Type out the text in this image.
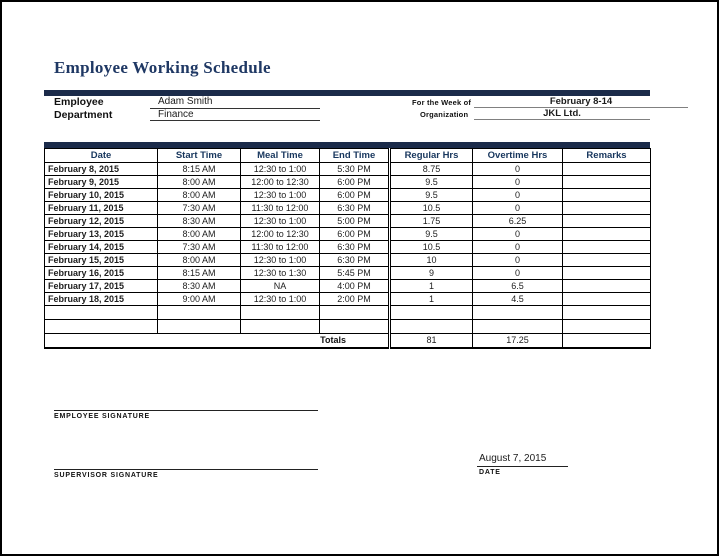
Employee Working Schedule
Employee	Adam Smith
Department	Finance
For the Week of	February 8-14
Organization	JKL Ltd.
Date	Start Time	Meal Time	End Time	Regular Hrs	Overtime Hrs	Remarks
February 8, 2015	8:15 AM	12:30 to 1:00	5:30 PM	8.75	0	
February 9, 2015	8:00 AM	12:00 to 12:30	6:00 PM	9.5	0	
February 10, 2015	8:00 AM	12:30 to 1:00	6:00 PM	9.5	0	
February 11, 2015	7:30 AM	11:30 to 12:00	6:30 PM	10.5	0	
February 12, 2015	8:30 AM	12:30 to 1:00	5:00 PM	1.75	6.25	
February 13, 2015	8:00 AM	12:00 to 12:30	6:00 PM	9.5	0	
February 14, 2015	7:30 AM	11:30 to 12:00	6:30 PM	10.5	0	
February 15, 2015	8:00 AM	12:30 to 1:00	6:30 PM	10	0	
February 16, 2015	8:15 AM	12:30 to 1:30	5:45 PM	9	0	
February 17, 2015	8:30 AM	NA	4:00 PM	1	6.5	
February 18, 2015	9:00 AM	12:30 to 1:00	2:00 PM	1	4.5	

Totals				81	17.25	
EMPLOYEE SIGNATURE
SUPERVISOR SIGNATURE
August 7, 2015
DATE
